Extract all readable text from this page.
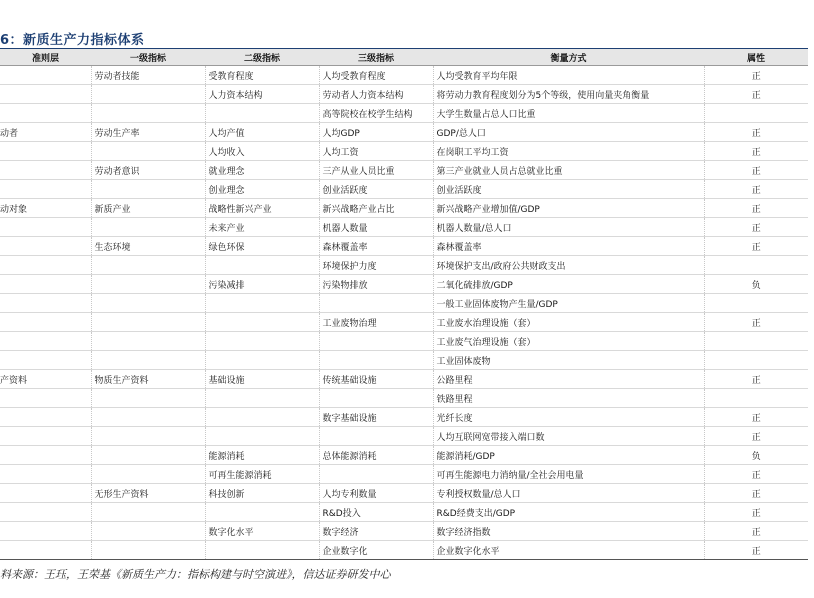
6：新质生产力指标体系
准则层	一级指标	二级指标	三级指标	衡量方式	属性
	劳动者技能	受教育程度	人均受教育程度	人均受教育平均年限	正
		人力资本结构	劳动者人力资本结构	将劳动力教育程度划分为5个等级，使用向量夹角衡量	正
			高等院校在校学生结构	大学生数量占总人口比重	
动者	劳动生产率	人均产值	人均GDP	GDP/总人口	正
		人均收入	人均工资	在岗职工平均工资	正
	劳动者意识	就业理念	三产从业人员比重	第三产业就业人员占总就业比重	正
		创业理念	创业活跃度	创业活跃度	正
动对象	新质产业	战略性新兴产业	新兴战略产业占比	新兴战略产业增加值/GDP	正
		未来产业	机器人数量	机器人数量/总人口	正
	生态环境	绿色环保	森林覆盖率	森林覆盖率	正
			环境保护力度	环境保护支出/政府公共财政支出	
		污染减排	污染物排放	二氧化硫排放/GDP	负
				一般工业固体废物产生量/GDP	
			工业废物治理	工业废水治理设施（套）	正
				工业废气治理设施（套）	
				工业固体废物	
产资料	物质生产资料	基础设施	传统基础设施	公路里程	正
				铁路里程	
			数字基础设施	光纤长度	正
				人均互联网宽带接入端口数	正
		能源消耗	总体能源消耗	能源消耗/GDP	负
		可再生能源消耗		可再生能源电力消纳量/全社会用电量	正
	无形生产资料	科技创新	人均专利数量	专利授权数量/总人口	正
			R&D投入	R&D经费支出/GDP	正
		数字化水平	数字经济	数字经济指数	正
			企业数字化	企业数字化水平	正
料来源：王珏，王荣基《新质生产力：指标构建与时空演进》，信达证券研发中心
